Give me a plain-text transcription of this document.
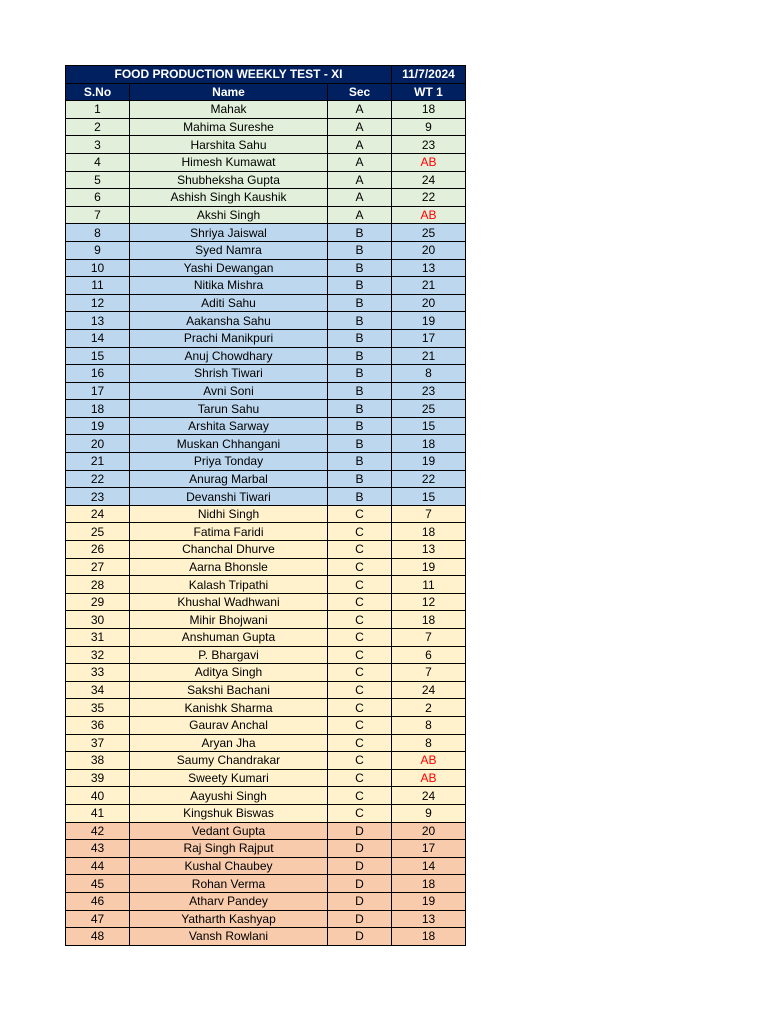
FOOD PRODUCTION WEEKLY TEST - XI			11/7/2024
S.No	Name	Sec	WT 1
1	Mahak	A	18
2	Mahima Sureshe	A	9
3	Harshita Sahu	A	23
4	Himesh Kumawat	A	AB
5	Shubheksha Gupta	A	24
6	Ashish Singh Kaushik	A	22
7	Akshi Singh	A	AB
8	Shriya Jaiswal	B	25
9	Syed Namra	B	20
10	Yashi Dewangan	B	13
11	Nitika Mishra	B	21
12	Aditi Sahu	B	20
13	Aakansha Sahu	B	19
14	Prachi Manikpuri	B	17
15	Anuj Chowdhary	B	21
16	Shrish Tiwari	B	8
17	Avni Soni	B	23
18	Tarun Sahu	B	25
19	Arshita Sarway	B	15
20	Muskan Chhangani	B	18
21	Priya Tonday	B	19
22	Anurag Marbal	B	22
23	Devanshi Tiwari	B	15
24	Nidhi Singh	C	7
25	Fatima Faridi	C	18
26	Chanchal Dhurve	C	13
27	Aarna Bhonsle	C	19
28	Kalash Tripathi	C	11
29	Khushal Wadhwani	C	12
30	Mihir Bhojwani	C	18
31	Anshuman Gupta	C	7
32	P. Bhargavi	C	6
33	Aditya Singh	C	7
34	Sakshi Bachani	C	24
35	Kanishk Sharma	C	2
36	Gaurav Anchal	C	8
37	Aryan Jha	C	8
38	Saumy Chandrakar	C	AB
39	Sweety Kumari	C	AB
40	Aayushi Singh	C	24
41	Kingshuk Biswas	C	9
42	Vedant Gupta	D	20
43	Raj Singh Rajput	D	17
44	Kushal Chaubey	D	14
45	Rohan Verma	D	18
46	Atharv Pandey	D	19
47	Yatharth Kashyap	D	13
48	Vansh Rowlani	D	18
